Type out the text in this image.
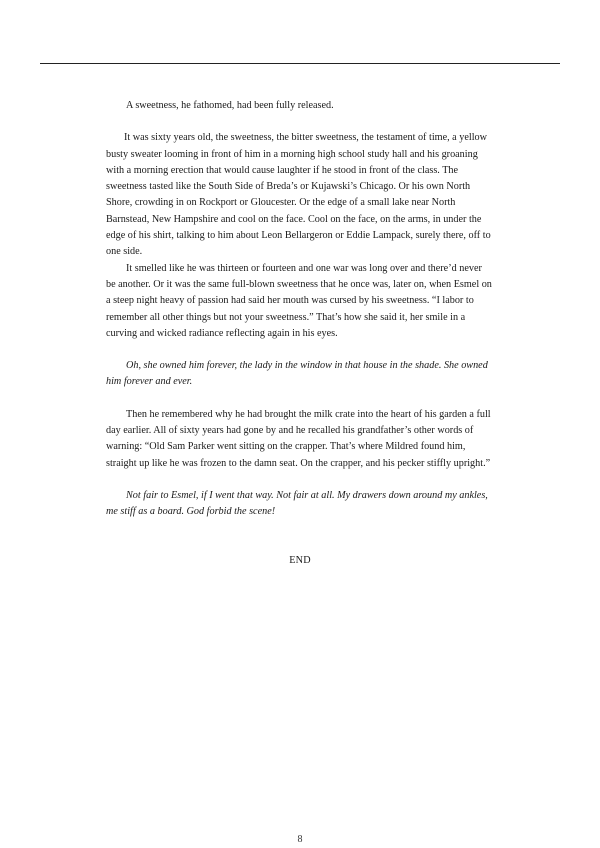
A sweetness, he fathomed, had been fully released.

It was sixty years old, the sweetness, the bitter sweetness, the testament of time, a yellow busty sweater looming in front of him in a morning high school study hall and his groaning with a morning erection that would cause laughter if he stood in front of the class. The sweetness tasted like the South Side of Breda’s or Kujawski’s Chicago. Or his own North Shore, crowding in on Rockport or Gloucester. Or the edge of a small lake near North Barnstead, New Hampshire and cool on the face. Cool on the face, on the arms, in under the edge of his shirt, talking to him about Leon Bellargeron or Eddie Lampack, surely there, off to one side.

It smelled like he was thirteen or fourteen and one war was long over and there’d never be another. Or it was the same full-blown sweetness that he once was, later on, when Esmel on a steep night heavy of passion had said her mouth was cursed by his sweetness. “I labor to remember all other things but not your sweetness.” That’s how she said it, her smile in a curving and wicked radiance reflecting again in his eyes.

Oh, she owned him forever, the lady in the window in that house in the shade. She owned him forever and ever.

Then he remembered why he had brought the milk crate into the heart of his garden a full day earlier. All of sixty years had gone by and he recalled his grandfather’s other words of warning: “Old Sam Parker went sitting on the crapper. That’s where Mildred found him, straight up like he was frozen to the damn seat. On the crapper, and his pecker stiffly upright.”

Not fair to Esmel, if I went that way. Not fair at all. My drawers down around my ankles, me stiff as a board. God forbid the scene!

END

8
